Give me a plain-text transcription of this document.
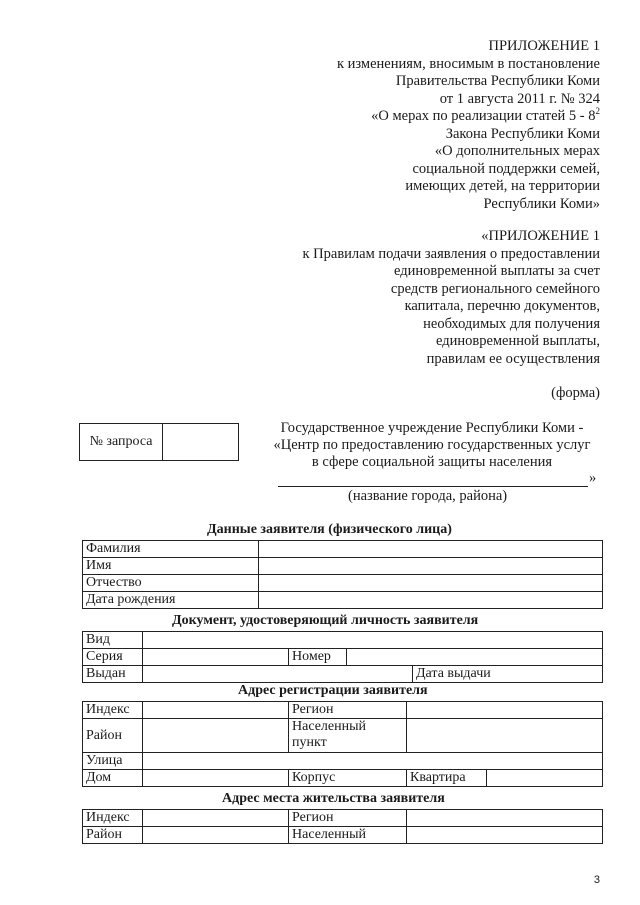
ПРИЛОЖЕНИЕ 1
к изменениям, вносимым в постановление
Правительства Республики Коми
от 1 августа 2011 г. № 324
«О мерах по реализации статей $5 - 8^2$
Закона Республики Коми
«О дополнительных мерах
социальной поддержки семей,
имеющих детей, на территории
Республики Коми»
«ПРИЛОЖЕНИЕ 1
к Правилам подачи заявления о предоставлении
единовременной выплаты за счет
средств регионального семейного
капитала, перечню документов,
необходимых для получения
единовременной выплаты,
правилам ее осуществления
(форма)
№ запроса
Государственное учреждение Республики Коми -
«Центр по предоставлению государственных услуг
в сфере социальной защиты населения
»
(название города, района)
Данные заявителя (физического лица)
Фамилия	
Имя	
Отчество	
Дата рождения	
Документ, удостоверяющий личность заявителя
Вид				
Серия		Номер		
Выдан				Дата выдачи
Адрес регистрации заявителя
Индекс		Регион		
Район		Населенный
пункт		

Улица				
Дом		Корпус	Квартира	
Адрес места жительства заявителя
Индекс		Регион	
Район		Населенный	
3
